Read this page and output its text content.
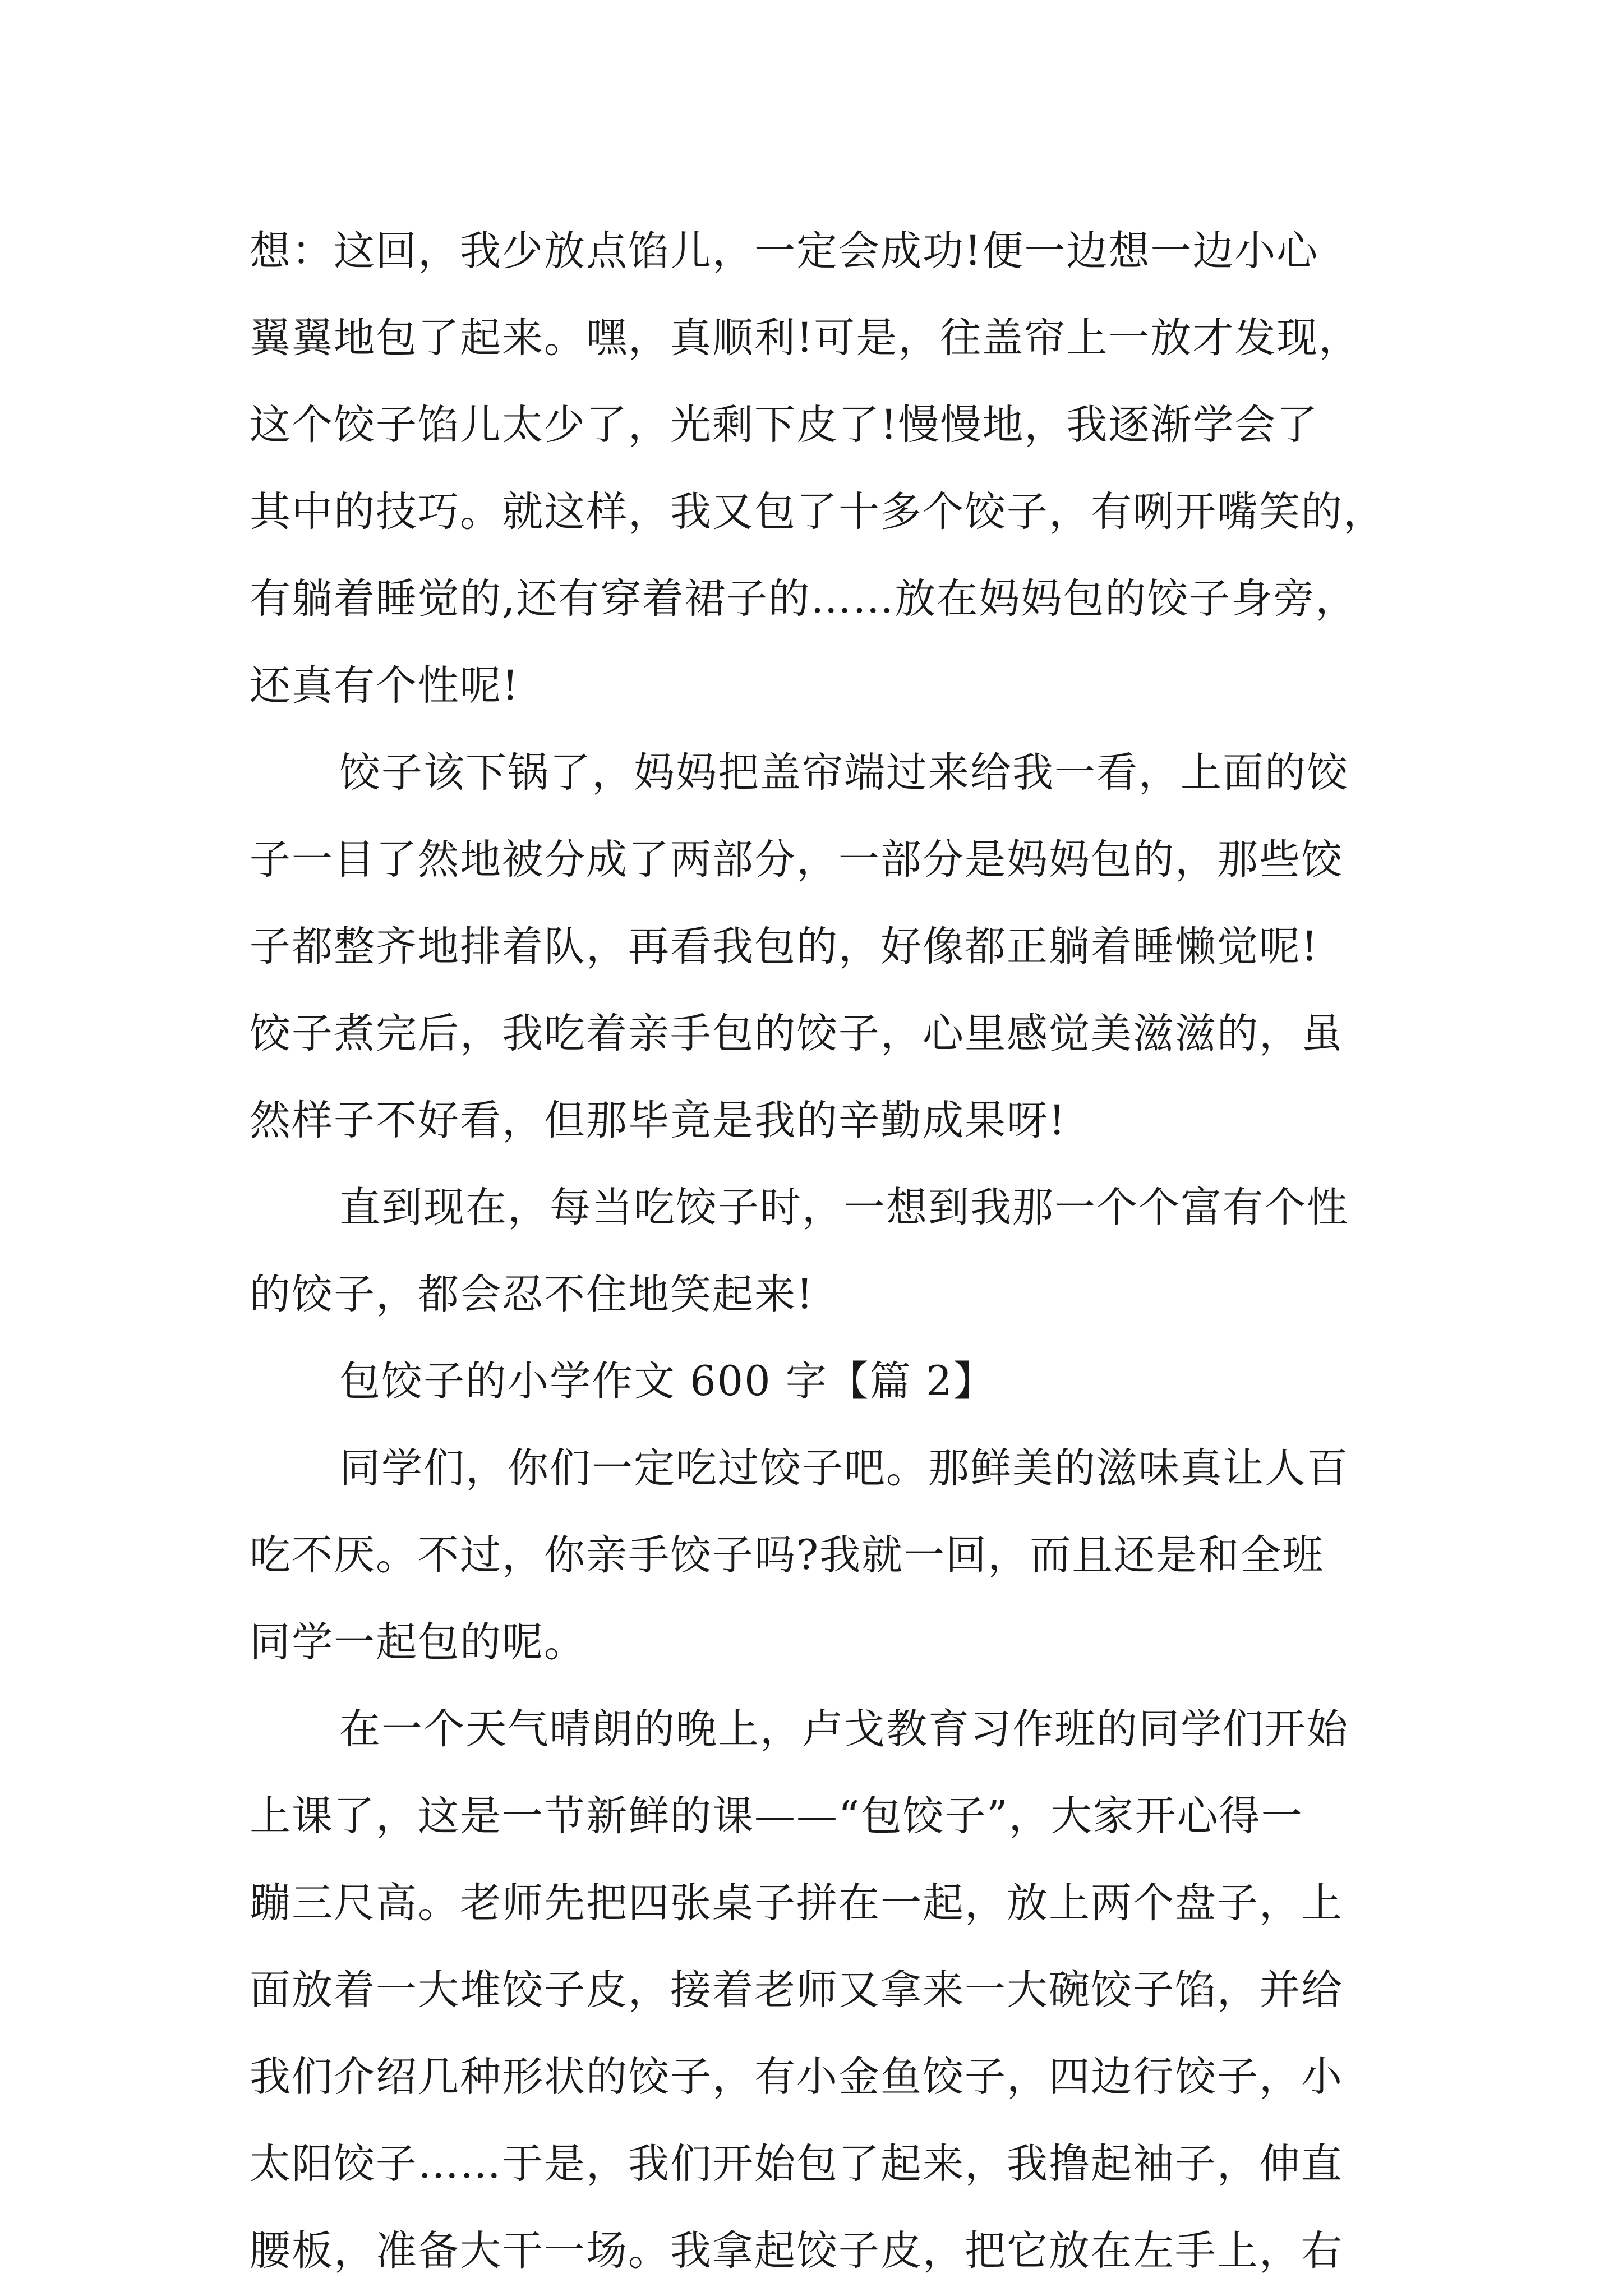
想：这回，我少放点馅儿，一定会成功!便一边想一边小心
翼翼地包了起来。嘿，真顺利!可是，往盖帘上一放才发现，
这个饺子馅儿太少了，光剩下皮了!慢慢地，我逐渐学会了
其中的技巧。就这样，我又包了十多个饺子，有咧开嘴笑的，
有躺着睡觉的,还有穿着裙子的……放在妈妈包的饺子身旁，
还真有个性呢!
饺子该下锅了，妈妈把盖帘端过来给我一看，上面的饺
子一目了然地被分成了两部分，一部分是妈妈包的，那些饺
子都整齐地排着队，再看我包的，好像都正躺着睡懒觉呢!
饺子煮完后，我吃着亲手包的饺子，心里感觉美滋滋的，虽
然样子不好看，但那毕竟是我的辛勤成果呀!
直到现在，每当吃饺子时，一想到我那一个个富有个性
的饺子，都会忍不住地笑起来!
包饺子的小学作文 600 字【篇 2】
同学们，你们一定吃过饺子吧。那鲜美的滋味真让人百
吃不厌。不过，你亲手饺子吗?我就一回，而且还是和全班
同学一起包的呢。
在一个天气晴朗的晚上，卢戈教育习作班的同学们开始
上课了，这是一节新鲜的课——“包饺子”，大家开心得一
蹦三尺高。老师先把四张桌子拼在一起，放上两个盘子，上
面放着一大堆饺子皮，接着老师又拿来一大碗饺子馅，并给
我们介绍几种形状的饺子，有小金鱼饺子，四边行饺子，小
太阳饺子……于是，我们开始包了起来，我撸起袖子，伸直
腰板，准备大干一场。我拿起饺子皮，把它放在左手上，右
